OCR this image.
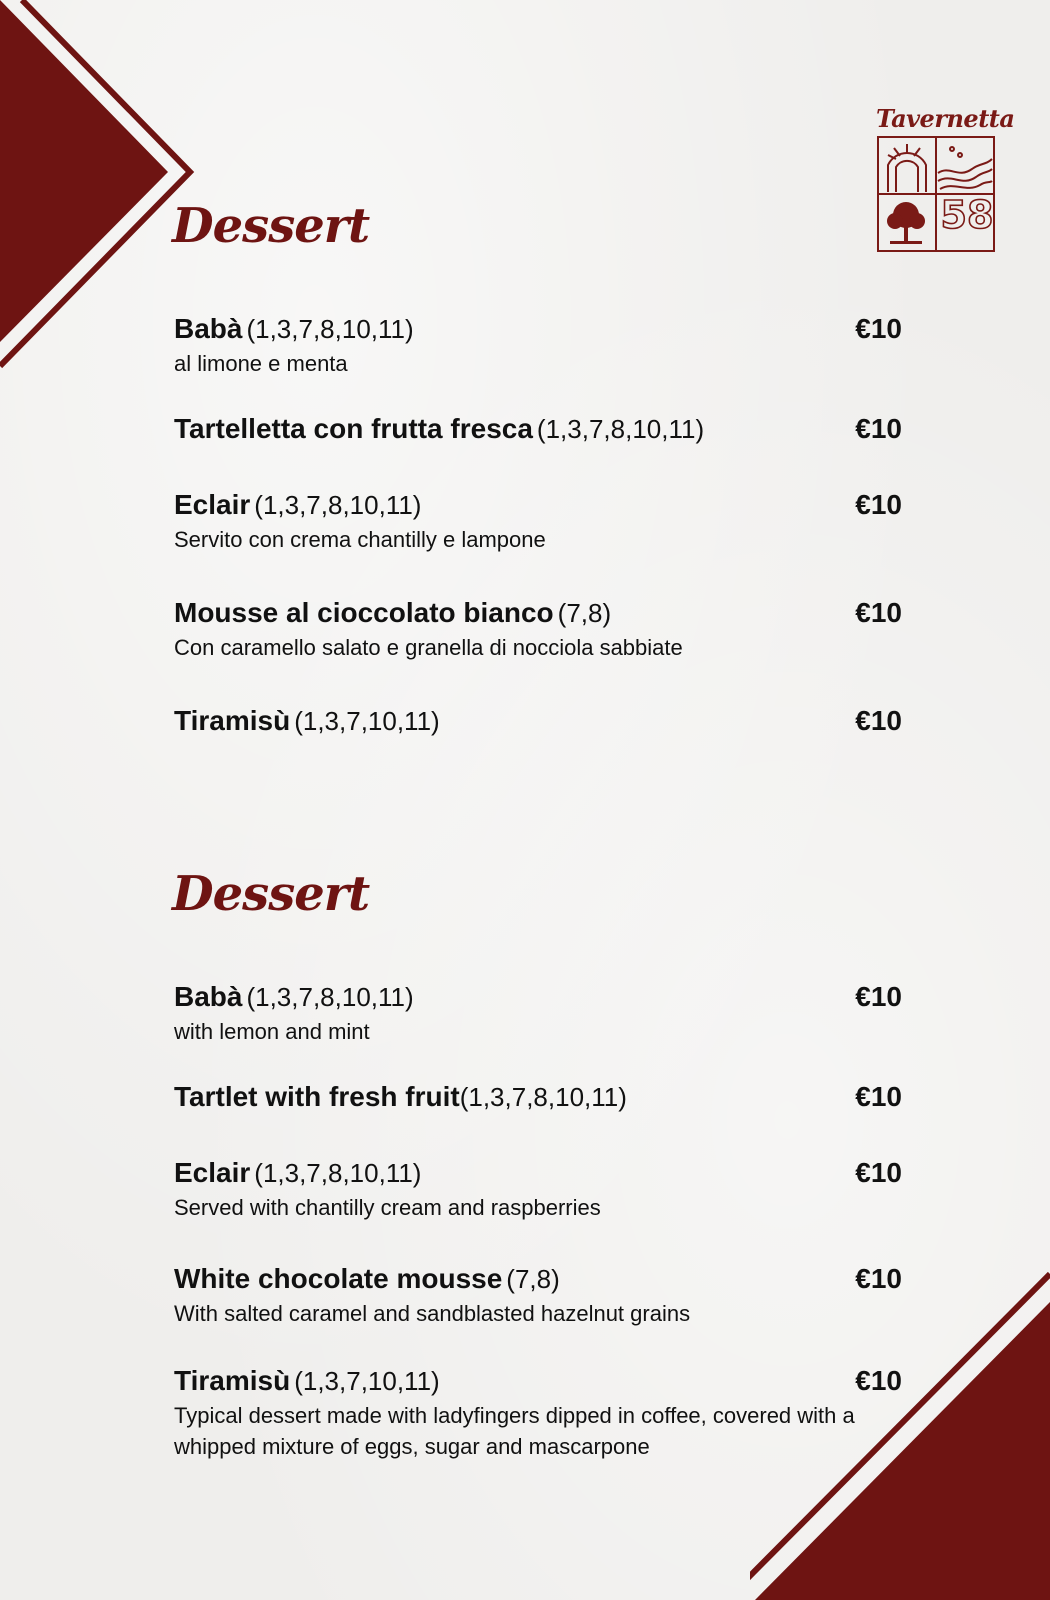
Tavernetta
58
Dessert
Babà (1,3,7,8,10,11)	€10
al limone e menta
Tartelletta con frutta fresca (1,3,7,8,10,11)	€10
Eclair (1,3,7,8,10,11)	€10
Servito con crema chantilly e lampone
Mousse al cioccolato bianco (7,8)	€10
Con caramello salato e granella di nocciola sabbiate
Tiramisù (1,3,7,10,11)	€10
Dessert
Babà (1,3,7,8,10,11)	€10
with lemon and mint
Tartlet with fresh fruit(1,3,7,8,10,11)	€10
Eclair (1,3,7,8,10,11)	€10
Served with chantilly cream and raspberries
White chocolate mousse (7,8)	€10
With salted caramel and sandblasted hazelnut grains
Tiramisù (1,3,7,10,11)	€10
Typical dessert made with ladyfingers dipped in coffee, covered with a whipped mixture of eggs, sugar and mascarpone
